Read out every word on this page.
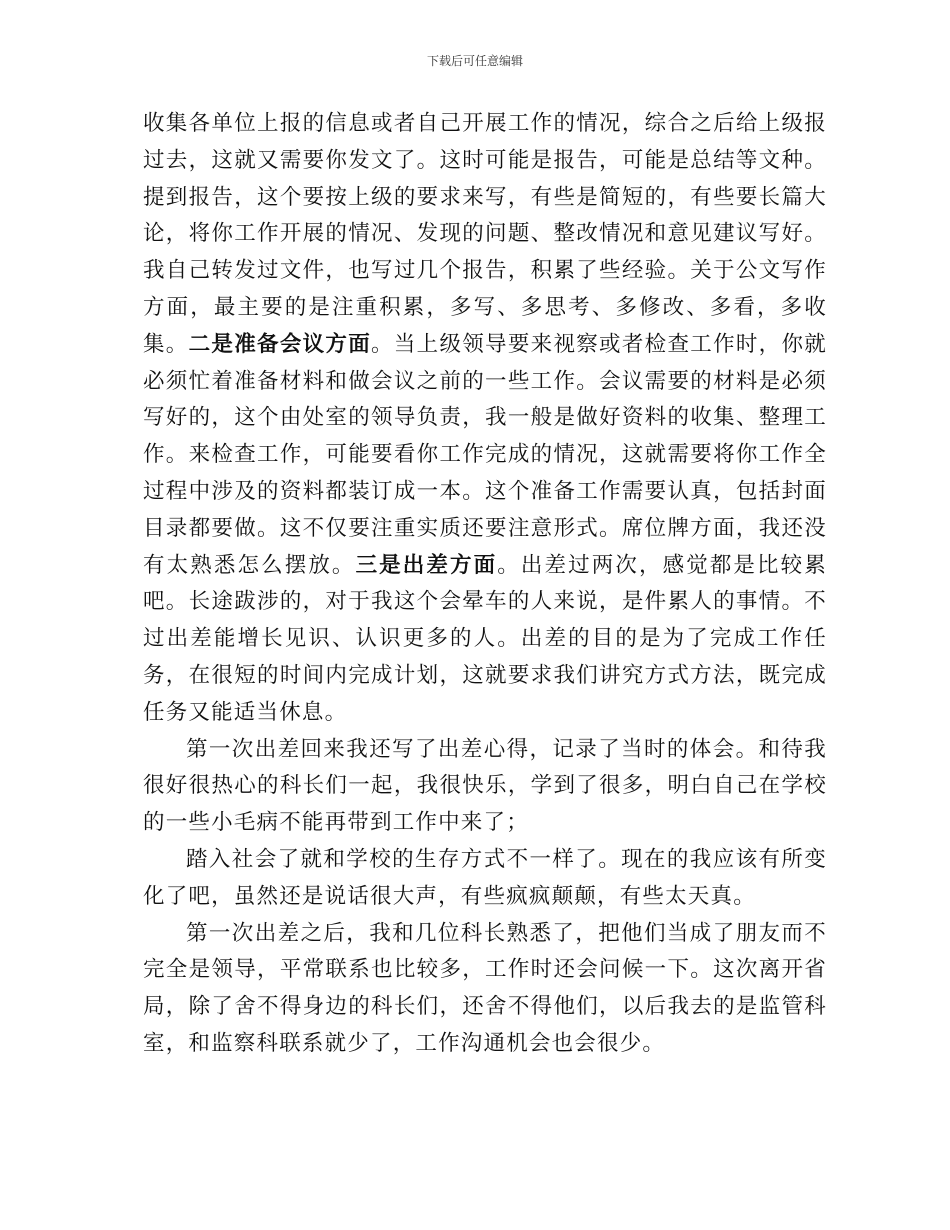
下载后可任意编辑

收集各单位上报的信息或者自己开展工作的情况，综合之后给上级报过去，这就又需要你发文了。这时可能是报告，可能是总结等文种。提到报告，这个要按上级的要求来写，有些是简短的，有些要长篇大论，将你工作开展的情况、发现的问题、整改情况和意见建议写好。我自己转发过文件，也写过几个报告，积累了些经验。关于公文写作方面，最主要的是注重积累，多写、多思考、多修改、多看，多收集。二是准备会议方面。当上级领导要来视察或者检查工作时，你就必须忙着准备材料和做会议之前的一些工作。会议需要的材料是必须写好的，这个由处室的领导负责，我一般是做好资料的收集、整理工作。来检查工作，可能要看你工作完成的情况，这就需要将你工作全过程中涉及的资料都装订成一本。这个准备工作需要认真，包括封面目录都要做。这不仅要注重实质还要注意形式。席位牌方面，我还没有太熟悉怎么摆放。三是出差方面。出差过两次，感觉都是比较累吧。长途跋涉的，对于我这个会晕车的人来说，是件累人的事情。不过出差能增长见识、认识更多的人。出差的目的是为了完成工作任务，在很短的时间内完成计划，这就要求我们讲究方式方法，既完成任务又能适当休息。

第一次出差回来我还写了出差心得，记录了当时的体会。和待我很好很热心的科长们一起，我很快乐，学到了很多，明白自己在学校的一些小毛病不能再带到工作中来了；

踏入社会了就和学校的生存方式不一样了。现在的我应该有所变化了吧，虽然还是说话很大声，有些疯疯颠颠，有些太天真。

第一次出差之后，我和几位科长熟悉了，把他们当成了朋友而不完全是领导，平常联系也比较多，工作时还会问候一下。这次离开省局，除了舍不得身边的科长们，还舍不得他们，以后我去的是监管科室，和监察科联系就少了，工作沟通机会也会很少。
